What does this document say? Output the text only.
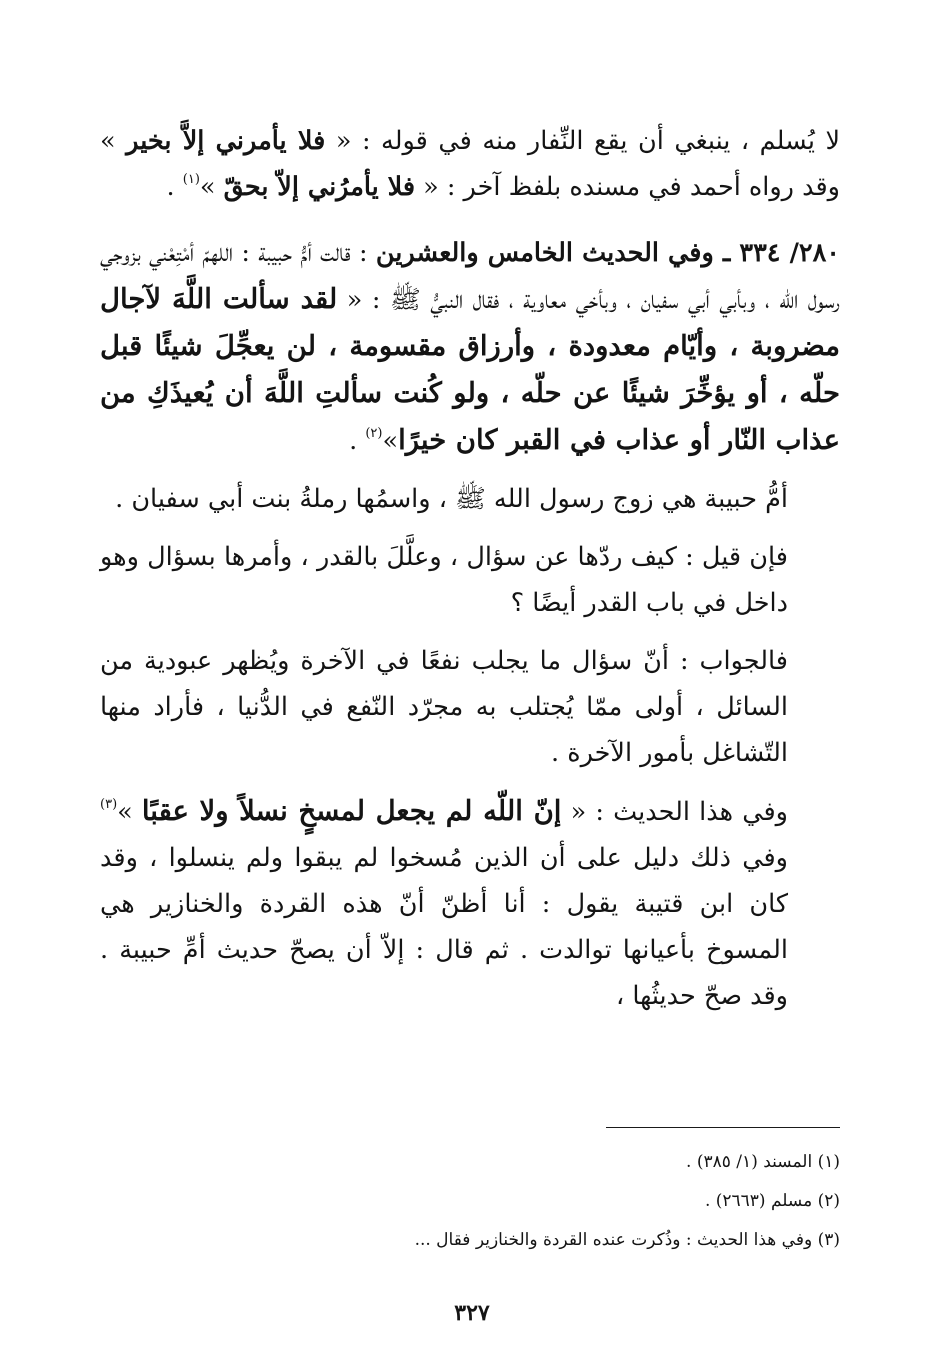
لا يُسلم ، ينبغي أن يقع النِّفار منه في قوله : « فلا يأمرني إلاَّ بخير » وقد رواه أحمد في مسنده بلفظ آخر : « فلا يأمرُني إلاّ بحقّ »$^{(١)}$ .

٢٨٠/ ٣٣٤ ـ وفي الحديث الخامس والعشرين : قالت أمُّ حبيبة : اللهمّ أمْتِعْني بزوجي رسول الله ، وبأبي أبي سفيان ، وبأخي معاوية ، فقال النبيُّ ﷺ : « لقد سألت اللَّهَ لآجال مضروبة ، وأيّام معدودة ، وأرزاق مقسومة ، لن يعجِّلَ شيئًا قبل حلّه ، أو يؤخِّرَ شيئًا عن حلّه ، ولو كُنت سألتِ اللَّهَ أن يُعيذَكِ من عذاب النّار أو عذاب في القبر كان خيرًا»$^{(٢)}$ .

أمُّ حبيبة هي زوج رسول الله ﷺ ، واسمُها رملةُ بنت أبي سفيان .

فإن قيل : كيف ردّها عن سؤال ، وعلَّلَ بالقدر ، وأمرها بسؤال وهو داخل في باب القدر أيضًا ؟

فالجواب : أنّ سؤال ما يجلب نفعًا في الآخرة ويُظهر عبودية من السائل ، أولى ممّا يُجتلب به مجرّد النّفع في الدُّنيا ، فأراد منها التّشاغل بأمور الآخرة .

وفي هذا الحديث : « إنّ اللّه لم يجعل لمسخٍ نسلاً ولا عقبًا »$^{(٣)}$ وفي ذلك دليل على أن الذين مُسخوا لم يبقوا ولم ينسلوا ، وقد كان ابن قتيبة يقول : أنا أظنّ أنّ هذه القردة والخنازير هي المسوخ بأعيانها توالدت . ثم قال : إلاّ أن يصحّ حديث أمِّ حبيبة . وقد صحّ حديثُها ،

(١) المسند (١/ ٣٨٥) .

(٢) مسلم (٢٦٦٣) .

(٣) وفي هذا الحديث : وذُكرت عنده القردة والخنازير فقال ...

٣٢٧
